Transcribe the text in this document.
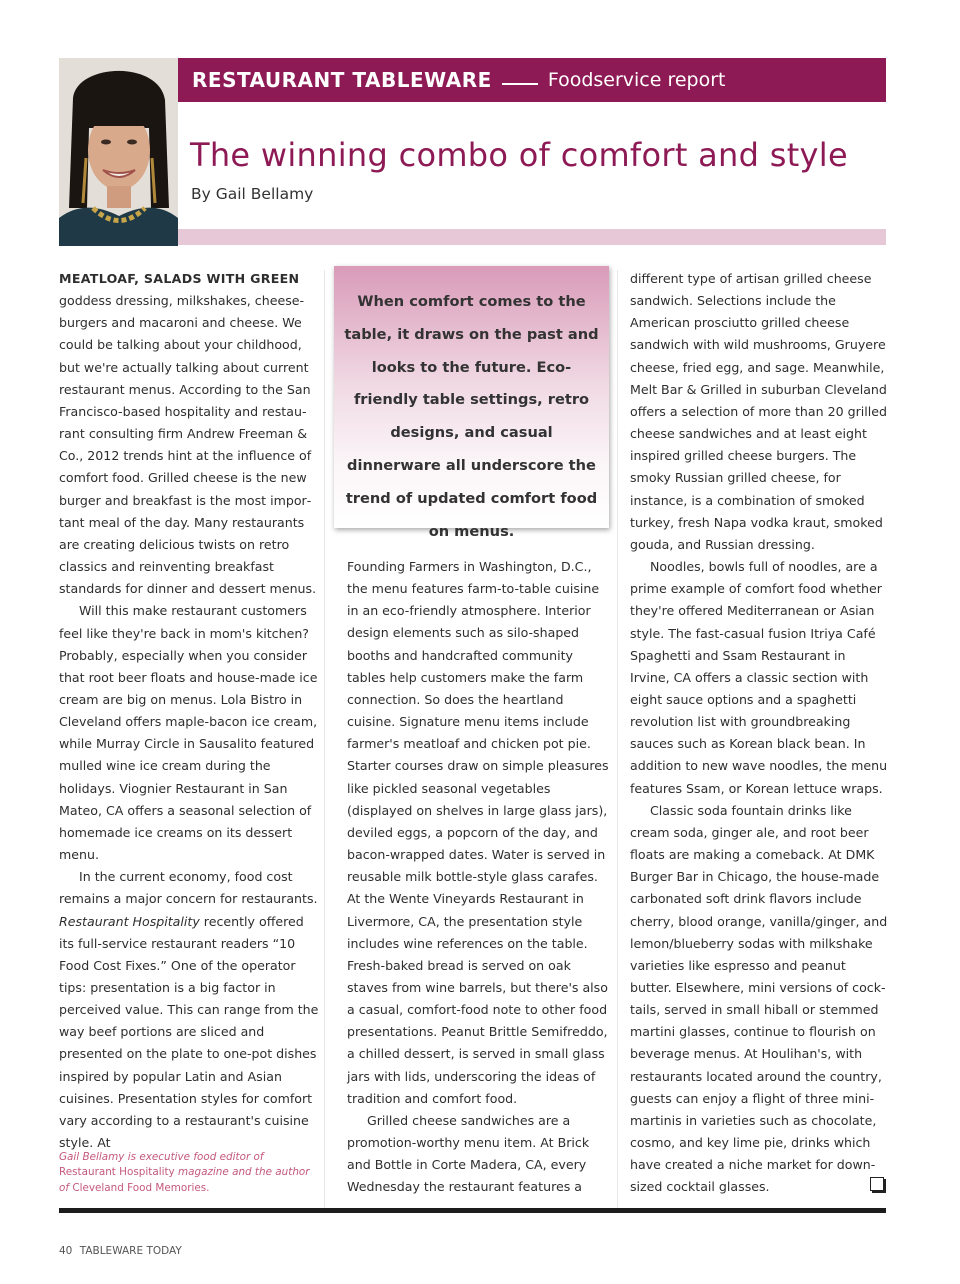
RESTAURANT TABLEWARE	Foodservice report
The winning combo of comfort and style
By Gail Bellamy

MEATLOAF, SALADS WITH GREEN goddess dressing, milkshakes, cheeseburgers and macaroni and cheese. We could be talking about your childhood, but we're actually talking about current restaurant menus. According to the San Francisco-based hospitality and restaurant consulting firm Andrew Freeman & Co., 2012 trends hint at the influence of comfort food. Grilled cheese is the new burger and breakfast is the most important meal of the day. Many restaurants are creating delicious twists on retro classics and reinventing breakfast standards for dinner and dessert menus.

Will this make restaurant customers feel like they're back in mom's kitchen? Probably, especially when you consider that root beer floats and house-made ice cream are big on menus. Lola Bistro in Cleveland offers maple-bacon ice cream, while Murray Circle in Sausalito featured mulled wine ice cream during the holidays. Viognier Restaurant in San Mateo, CA offers a seasonal selection of homemade ice creams on its dessert menu.

In the current economy, food cost remains a major concern for restaurants. Restaurant Hospitality recently offered its full-service restaurant readers “10 Food Cost Fixes.” One of the operator tips: presentation is a big factor in perceived value. This can range from the way beef portions are sliced and presented on the plate to one-pot dishes inspired by popular Latin and Asian cuisines. Presentation styles for comfort vary according to a restaurant's cuisine style. At

When comfort comes to the table, it draws on the past and looks to the future. Eco-friendly table settings, retro designs, and casual dinnerware all underscore the trend of updated comfort food on menus.

Founding Farmers in Washington, D.C., the menu features farm-to-table cuisine in an eco-friendly atmosphere. Interior design elements such as silo-shaped booths and handcrafted community tables help customers make the farm connection. So does the heartland cuisine. Signature menu items include farmer's meatloaf and chicken pot pie. Starter courses draw on simple pleasures like pickled seasonal vegetables (displayed on shelves in large glass jars), deviled eggs, a popcorn of the day, and bacon-wrapped dates. Water is served in reusable milk bottle-style glass carafes. At the Wente Vineyards Restaurant in Livermore, CA, the presentation style includes wine references on the table. Fresh-baked bread is served on oak staves from wine barrels, but there's also a casual, comfort-food note to other food presentations. Peanut Brittle Semifreddo, a chilled dessert, is served in small glass jars with lids, underscoring the ideas of tradition and comfort food.

Grilled cheese sandwiches are a promotion-worthy menu item. At Brick and Bottle in Corte Madera, CA, every Wednesday the restaurant features a

different type of artisan grilled cheese sandwich. Selections include the American prosciutto grilled cheese sandwich with wild mushrooms, Gruyere cheese, fried egg, and sage. Meanwhile, Melt Bar & Grilled in suburban Cleveland offers a selection of more than 20 grilled cheese sandwiches and at least eight inspired grilled cheese burgers. The smoky Russian grilled cheese, for instance, is a combination of smoked turkey, fresh Napa vodka kraut, smoked gouda, and Russian dressing.

Noodles, bowls full of noodles, are a prime example of comfort food whether they're offered Mediterranean or Asian style. The fast-casual fusion Itriya Café Spaghetti and Ssam Restaurant in Irvine, CA offers a classic section with eight sauce options and a spaghetti revolution list with groundbreaking sauces such as Korean black bean. In addition to new wave noodles, the menu features Ssam, or Korean lettuce wraps.

Classic soda fountain drinks like cream soda, ginger ale, and root beer floats are making a comeback. At DMK Burger Bar in Chicago, the house-made carbonated soft drink flavors include cherry, blood orange, vanilla/ginger, and lemon/blueberry sodas with milkshake varieties like espresso and peanut butter. Elsewhere, mini versions of cocktails, served in small hiball or stemmed martini glasses, continue to flourish on beverage menus. At Houlihan's, with restaurants located around the country, guests can enjoy a flight of three mini-martinis in varieties such as chocolate, cosmo, and key lime pie, drinks which have created a niche market for downsized cocktail glasses.

Gail Bellamy is executive food editor of Restaurant Hospitality magazine and the author of Cleveland Food Memories.
40 TABLEWARE TODAY
